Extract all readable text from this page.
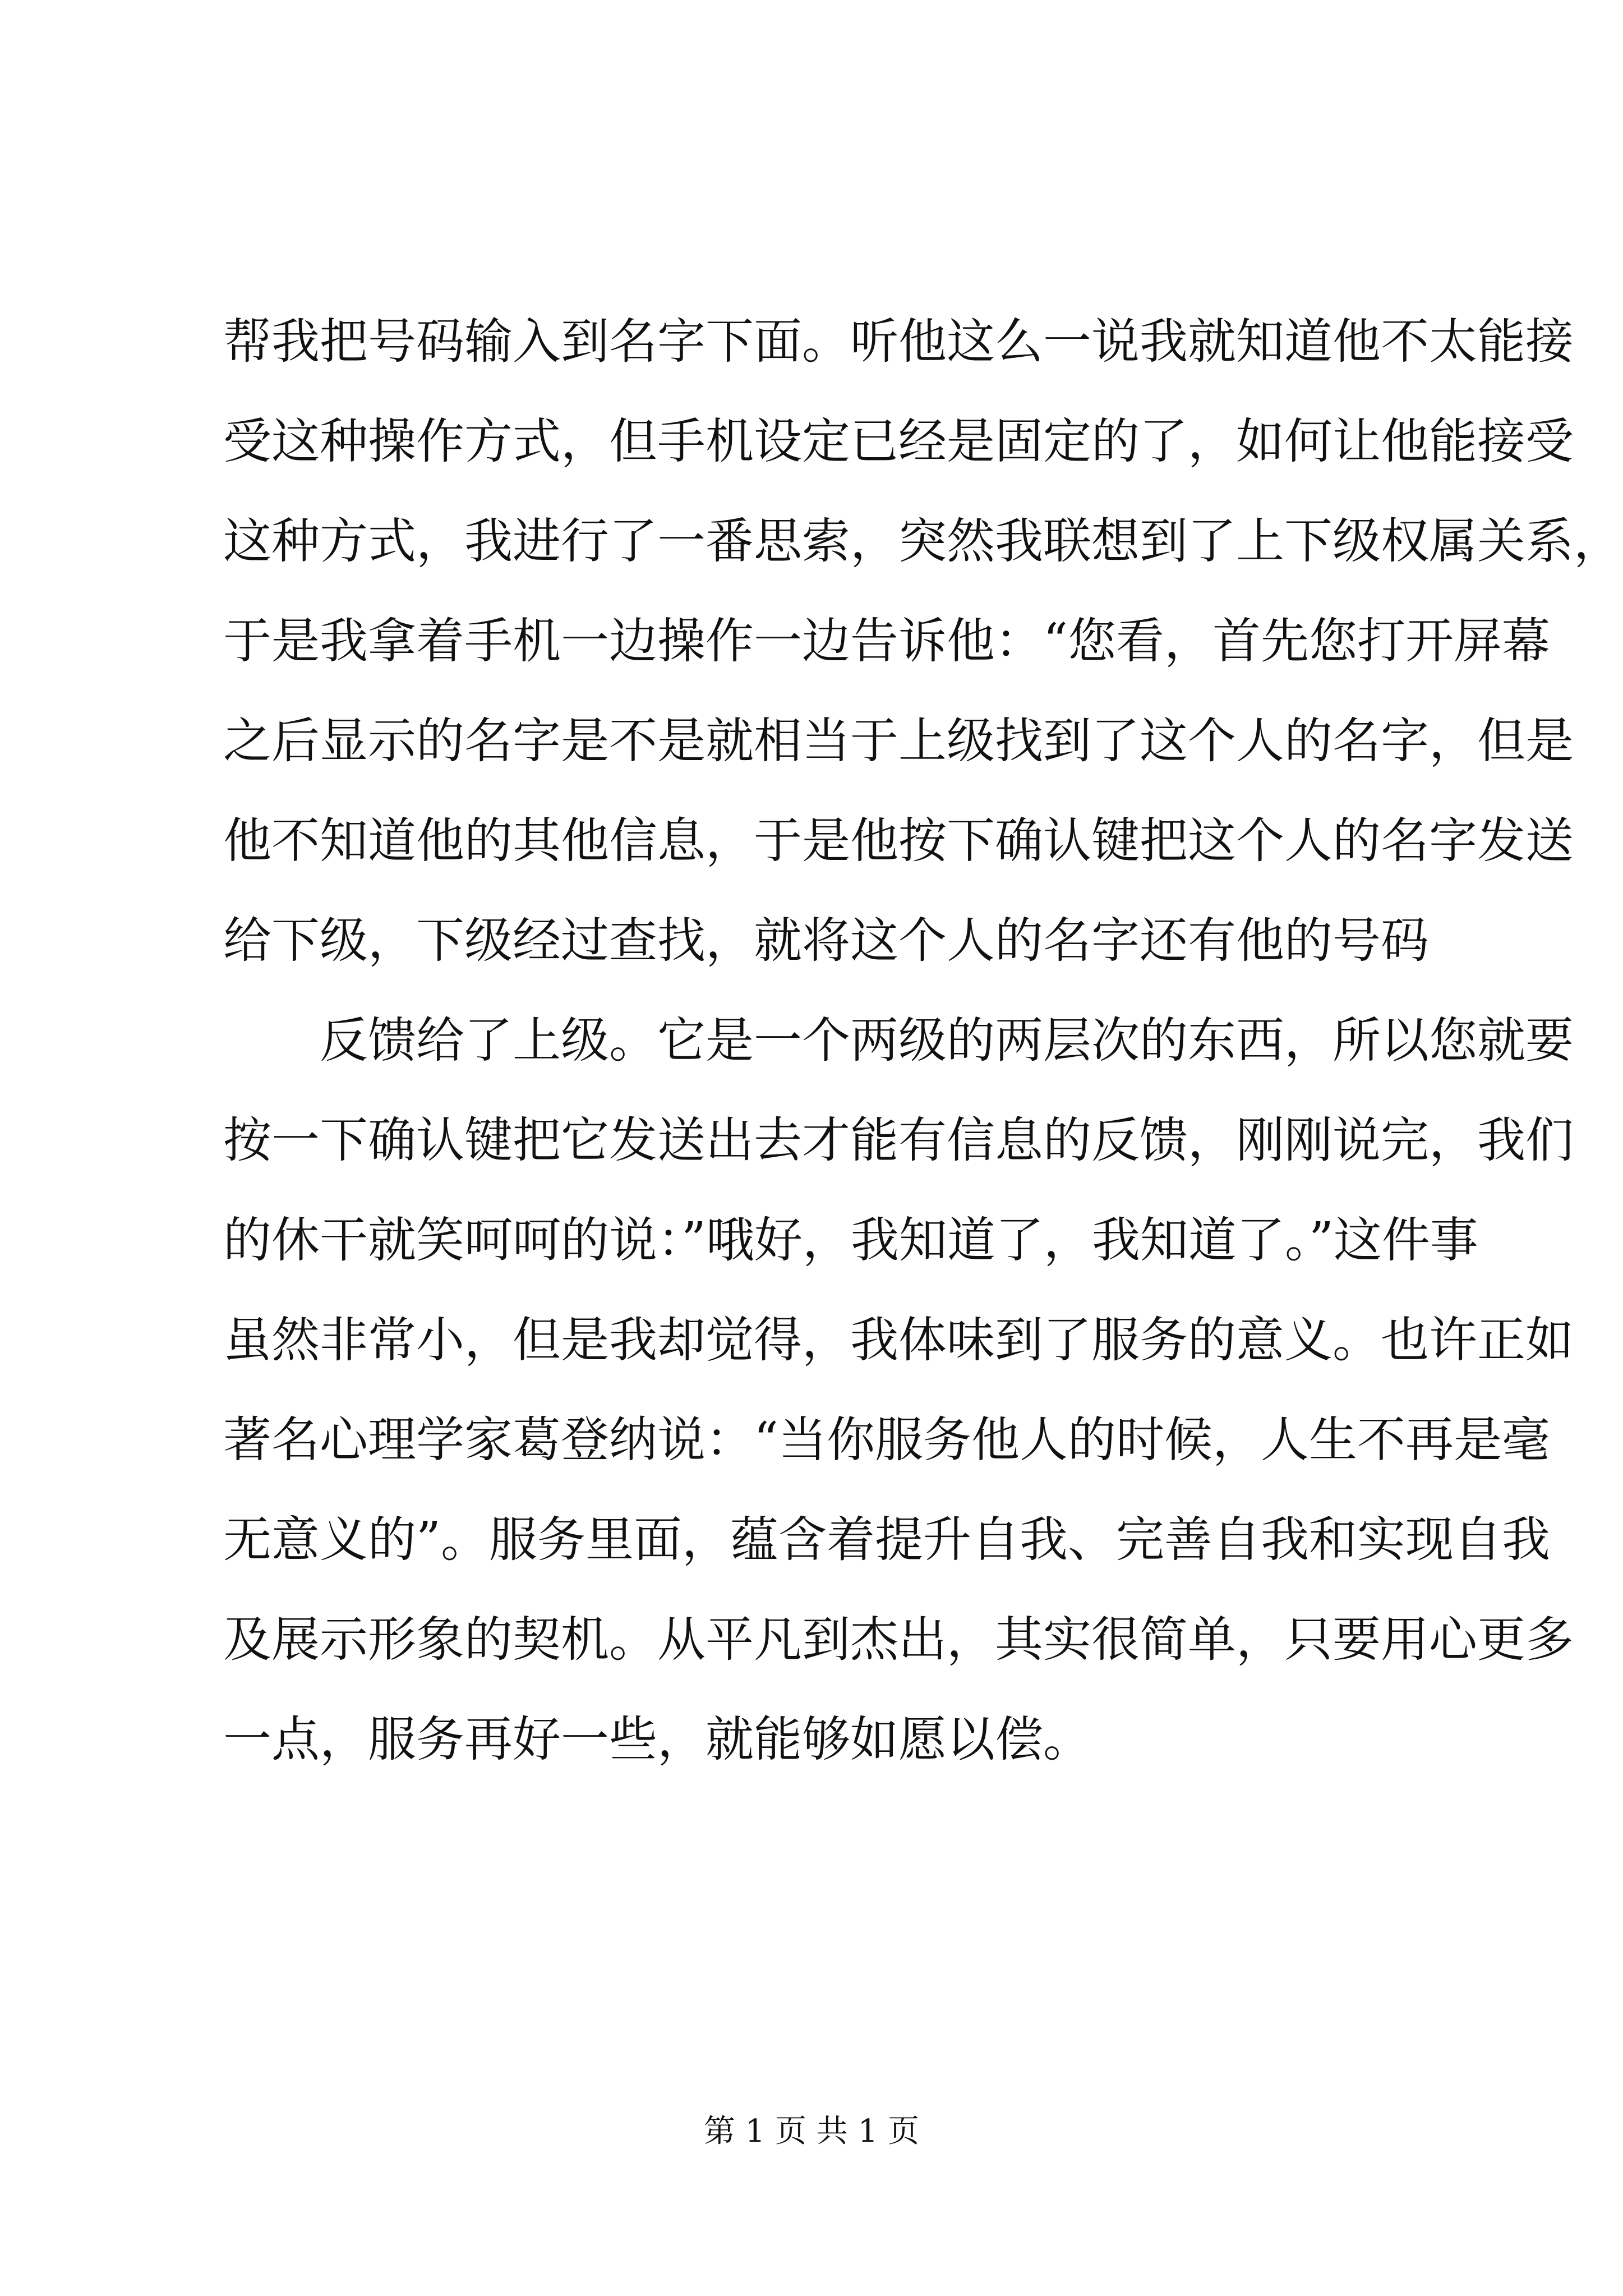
帮我把号码输入到名字下面。听他这么一说我就知道他不太能接
受这种操作方式，但手机设定已经是固定的了，如何让他能接受
这种方式，我进行了一番思索，突然我联想到了上下级权属关系，
于是我拿着手机一边操作一边告诉他：“您看，首先您打开屏幕
之后显示的名字是不是就相当于上级找到了这个人的名字，但是
他不知道他的其他信息，于是他按下确认键把这个人的名字发送
给下级，下级经过查找，就将这个人的名字还有他的号码
反馈给了上级。它是一个两级的两层次的东西，所以您就要
按一下确认键把它发送出去才能有信息的反馈，刚刚说完，我们
的休干就笑呵呵的说：”哦好，我知道了，我知道了。”这件事
虽然非常小，但是我却觉得，我体味到了服务的意义。也许正如
著名心理学家葛登纳说：“当你服务他人的时候，人生不再是毫
无意义的”。服务里面，蕴含着提升自我、完善自我和实现自我
及展示形象的契机。从平凡到杰出，其实很简单，只要用心更多
一点，服务再好一些，就能够如愿以偿。
第 1 页 共 1 页
